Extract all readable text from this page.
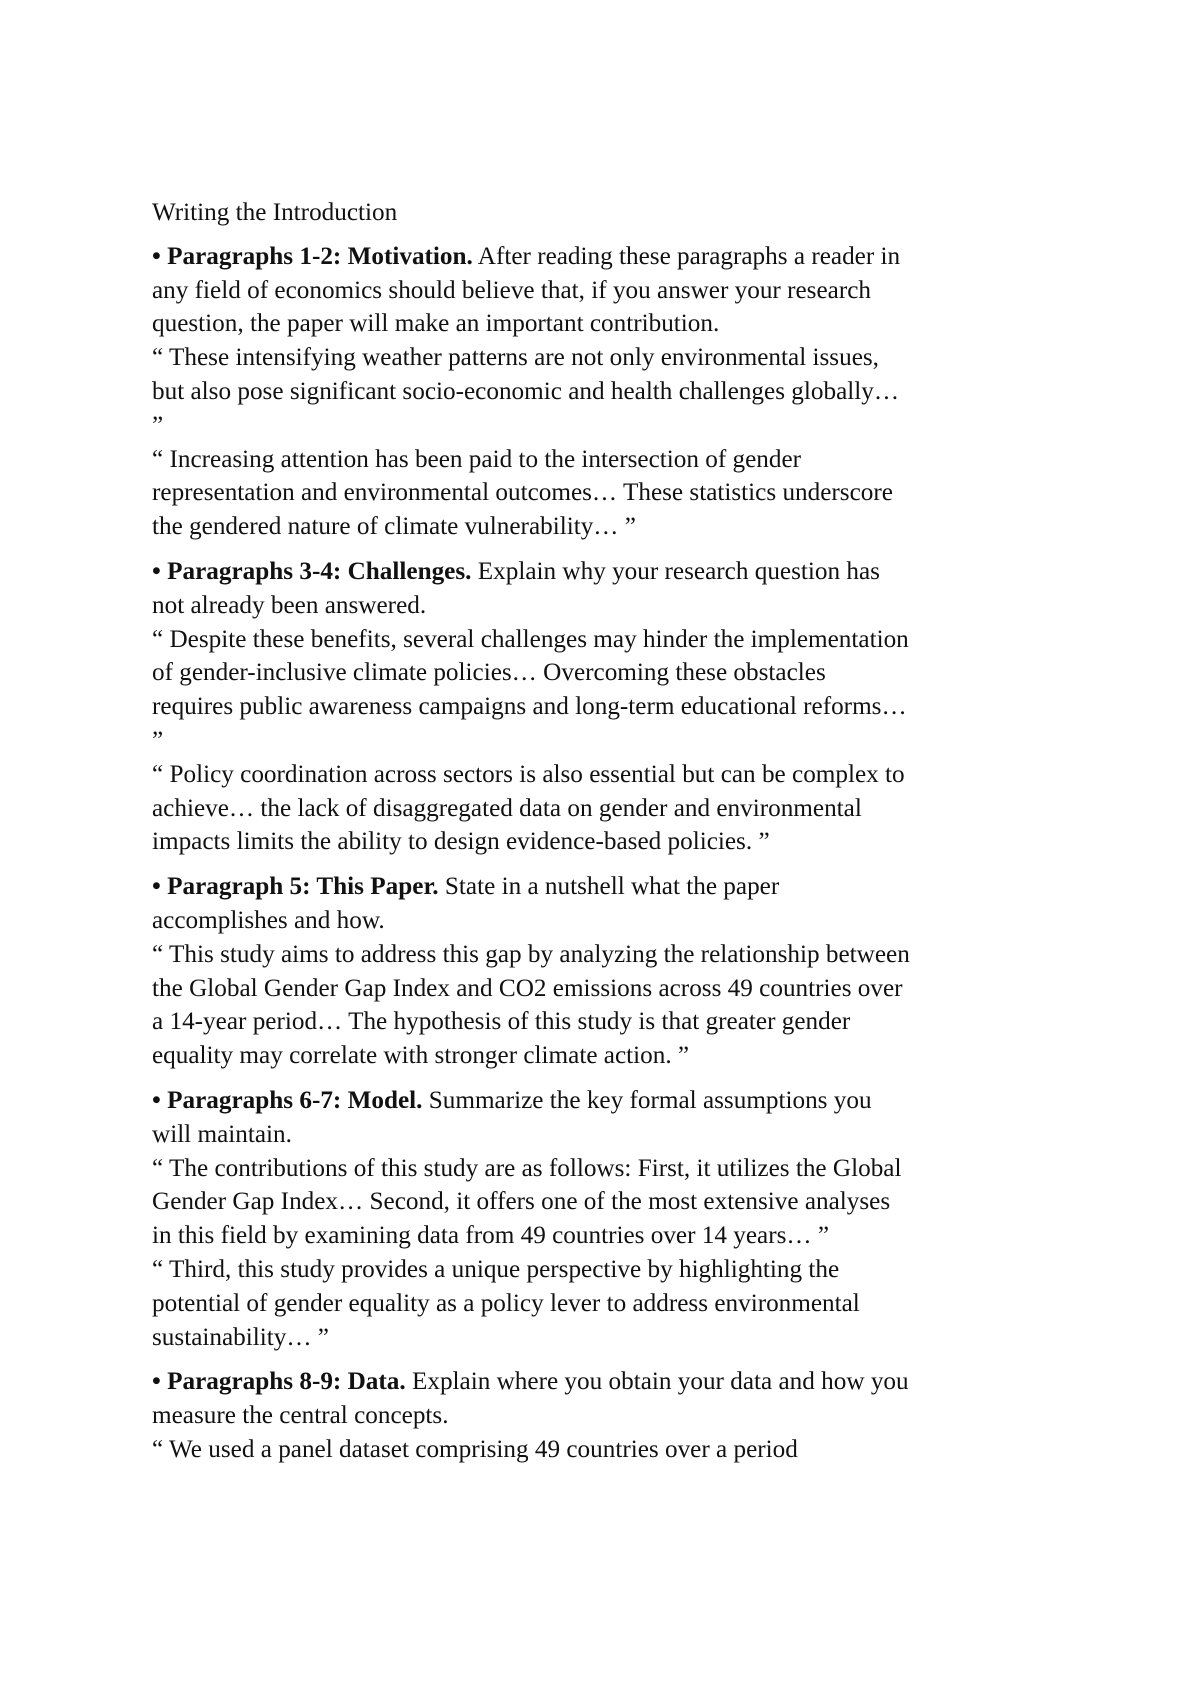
Writing the Introduction

• Paragraphs 1-2: Motivation. After reading these paragraphs a reader in any field of economics should believe that, if you answer your research question, the paper will make an important contribution.

“ These intensifying weather patterns are not only environmental issues, but also pose significant socio-economic and health challenges globally… ”

“ Increasing attention has been paid to the intersection of gender representation and environmental outcomes… These statistics underscore the gendered nature of climate vulnerability… ”

• Paragraphs 3-4: Challenges. Explain why your research question has not already been answered.

“ Despite these benefits, several challenges may hinder the implementation of gender-inclusive climate policies… Overcoming these obstacles requires public awareness campaigns and long-term educational reforms… ”

“ Policy coordination across sectors is also essential but can be complex to achieve… the lack of disaggregated data on gender and environmental impacts limits the ability to design evidence-based policies. ”

• Paragraph 5: This Paper. State in a nutshell what the paper accomplishes and how.

“ This study aims to address this gap by analyzing the relationship between the Global Gender Gap Index and CO2 emissions across 49 countries over a 14-year period… The hypothesis of this study is that greater gender equality may correlate with stronger climate action. ”

• Paragraphs 6-7: Model. Summarize the key formal assumptions you will maintain.

“ The contributions of this study are as follows: First, it utilizes the Global Gender Gap Index… Second, it offers one of the most extensive analyses in this field by examining data from 49 countries over 14 years… ”

“ Third, this study provides a unique perspective by highlighting the potential of gender equality as a policy lever to address environmental sustainability… ”

• Paragraphs 8-9: Data. Explain where you obtain your data and how you measure the central concepts.

“ We used a panel dataset comprising 49 countries over a period
